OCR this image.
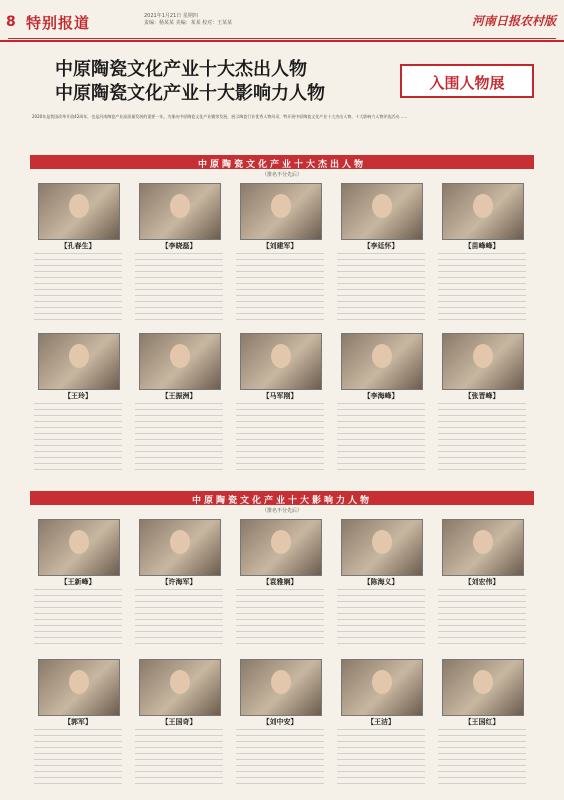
8 特别报道	2021年1月21日 星期四
责编：杨某某 美编：某某 校对：王某某	河南日报农村版
中原陶瓷文化产业十大杰出人物
中原陶瓷文化产业十大影响力人物	入围人物展
2020年是我国改革开放42周年，也是河南陶瓷产业高质量发展的重要一年。为推动中原陶瓷文化产业繁荣发展，展示陶瓷行业优秀人物风采，特开展中原陶瓷文化产业十大杰出人物、十大影响力人物评选活动……
中原陶瓷文化产业十大杰出人物
（排名不分先后）
【孔春生】	【李晓磊】	【刘建军】	【李廷怀】	【苗峰峰】
【王玲】	【王振洲】	【马军刚】	【李海峰】	【张晋峰】
中原陶瓷文化产业十大影响力人物
（排名不分先后）
【王新峰】	【许海军】	【袁雅娴】	【陈海义】	【刘宏伟】
【郭军】	【王国奇】	【刘中安】	【王洁】	【王国红】
